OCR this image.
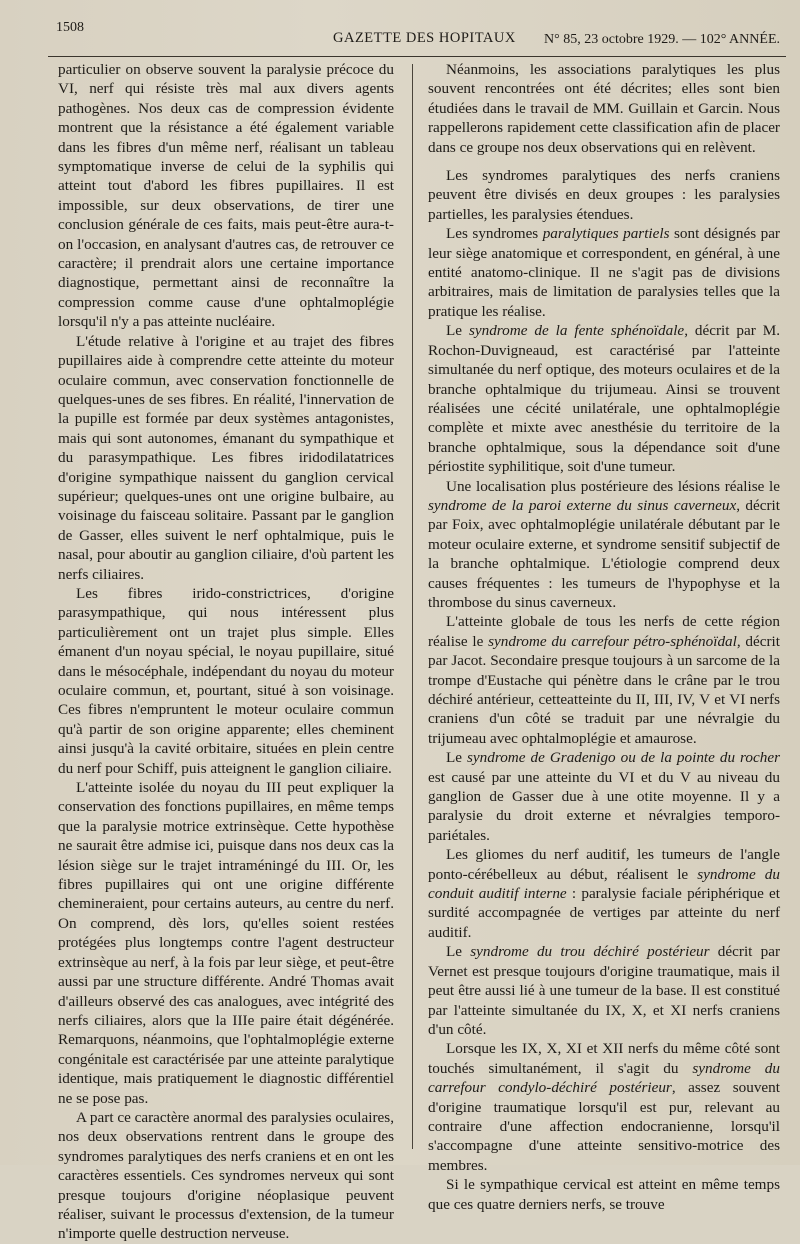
1508
GAZETTE DES HOPITAUX N° 85, 23 octobre 1929. — 102° ANNÉE.

particulier on observe souvent la paralysie précoce du VI, nerf qui résiste très mal aux divers agents pathogènes. Nos deux cas de compression évidente montrent que la résistance a été également variable dans les fibres d'un même nerf, réalisant un tableau symptomatique inverse de celui de la syphilis qui atteint tout d'abord les fibres pupillaires. Il est impossible, sur deux observations, de tirer une conclusion générale de ces faits, mais peut-être aura-t-on l'occasion, en analysant d'autres cas, de retrouver ce caractère; il prendrait alors une certaine importance diagnostique, permettant ainsi de reconnaître la compression comme cause d'une ophtalmoplégie lorsqu'il n'y a pas atteinte nucléaire.

L'étude relative à l'origine et au trajet des fibres pupillaires aide à comprendre cette atteinte du moteur oculaire commun, avec conservation fonctionnelle de quelques-unes de ses fibres. En réalité, l'innervation de la pupille est formée par deux systèmes antagonistes, mais qui sont autonomes, émanant du sympathique et du parasympathique. Les fibres iridodilatatrices d'origine sympathique naissent du ganglion cervical supérieur; quelques-unes ont une origine bulbaire, au voisinage du faisceau solitaire. Passant par le ganglion de Gasser, elles suivent le nerf ophtalmique, puis le nasal, pour aboutir au ganglion ciliaire, d'où partent les nerfs ciliaires.

Les fibres irido-constrictrices, d'origine parasympathique, qui nous intéressent plus particulièrement ont un trajet plus simple. Elles émanent d'un noyau spécial, le noyau pupillaire, situé dans le mésocéphale, indépendant du noyau du moteur oculaire commun, et, pourtant, situé à son voisinage. Ces fibres n'empruntent le moteur oculaire commun qu'à partir de son origine apparente; elles cheminent ainsi jusqu'à la cavité orbitaire, situées en plein centre du nerf pour Schiff, puis atteignent le ganglion ciliaire.

L'atteinte isolée du noyau du III peut expliquer la conservation des fonctions pupillaires, en même temps que la paralysie motrice extrinsèque. Cette hypothèse ne saurait être admise ici, puisque dans nos deux cas la lésion siège sur le trajet intraméningé du III. Or, les fibres pupillaires qui ont une origine différente chemineraient, pour certains auteurs, au centre du nerf. On comprend, dès lors, qu'elles soient restées protégées plus longtemps contre l'agent destructeur extrinsèque au nerf, à la fois par leur siège, et peut-être aussi par une structure différente. André Thomas avait d'ailleurs observé des cas analogues, avec intégrité des nerfs ciliaires, alors que la IIIe paire était dégénérée. Remarquons, néanmoins, que l'ophtalmoplégie externe congénitale est caractérisée par une atteinte paralytique identique, mais pratiquement le diagnostic différentiel ne se pose pas.

A part ce caractère anormal des paralysies oculaires, nos deux observations rentrent dans le groupe des syndromes paralytiques des nerfs craniens et en ont les caractères essentiels. Ces syndromes nerveux qui sont presque toujours d'origine néoplasique peuvent réaliser, suivant le processus d'extension, de la tumeur n'importe quelle destruction nerveuse.

Néanmoins, les associations paralytiques les plus souvent rencontrées ont été décrites; elles sont bien étudiées dans le travail de MM. Guillain et Garcin. Nous rappellerons rapidement cette classification afin de placer dans ce groupe nos deux observations qui en relèvent.

Les syndromes paralytiques des nerfs craniens peuvent être divisés en deux groupes : les paralysies partielles, les paralysies étendues.

Les syndromes paralytiques partiels sont désignés par leur siège anatomique et correspondent, en général, à une entité anatomo-clinique. Il ne s'agit pas de divisions arbitraires, mais de limitation de paralysies telles que la pratique les réalise.

Le syndrome de la fente sphénoïdale, décrit par M. Rochon-Duvigneaud, est caractérisé par l'atteinte simultanée du nerf optique, des moteurs oculaires et de la branche ophtalmique du trijumeau. Ainsi se trouvent réalisées une cécité unilatérale, une ophtalmoplégie complète et mixte avec anesthésie du territoire de la branche ophtalmique, sous la dépendance soit d'une périostite syphilitique, soit d'une tumeur.

Une localisation plus postérieure des lésions réalise le syndrome de la paroi externe du sinus caverneux, décrit par Foix, avec ophtalmoplégie unilatérale débutant par le moteur oculaire externe, et syndrome sensitif subjectif de la branche ophtalmique. L'étiologie comprend deux causes fréquentes : les tumeurs de l'hypophyse et la thrombose du sinus caverneux.

L'atteinte globale de tous les nerfs de cette région réalise le syndrome du carrefour pétro-sphénoïdal, décrit par Jacot. Secondaire presque toujours à un sarcome de la trompe d'Eustache qui pénètre dans le crâne par le trou déchiré antérieur, cetteatteinte du II, III, IV, V et VI nerfs craniens d'un côté se traduit par une névralgie du trijumeau avec ophtalmoplégie et amaurose.

Le syndrome de Gradenigo ou de la pointe du rocher est causé par une atteinte du VI et du V au niveau du ganglion de Gasser due à une otite moyenne. Il y a paralysie du droit externe et névralgies temporo-pariétales.

Les gliomes du nerf auditif, les tumeurs de l'angle ponto-cérébelleux au début, réalisent le syndrome du conduit auditif interne : paralysie faciale périphérique et surdité accompagnée de vertiges par atteinte du nerf auditif.

Le syndrome du trou déchiré postérieur décrit par Vernet est presque toujours d'origine traumatique, mais il peut être aussi lié à une tumeur de la base. Il est constitué par l'atteinte simultanée du IX, X, et XI nerfs craniens d'un côté.

Lorsque les IX, X, XI et XII nerfs du même côté sont touchés simultanément, il s'agit du syndrome du carrefour condylo-déchiré postérieur, assez souvent d'origine traumatique lorsqu'il est pur, relevant au contraire d'une affection endocranienne, lorsqu'il s'accompagne d'une atteinte sensitivo-motrice des membres.

Si le sympathique cervical est atteint en même temps que ces quatre derniers nerfs, se trouve
